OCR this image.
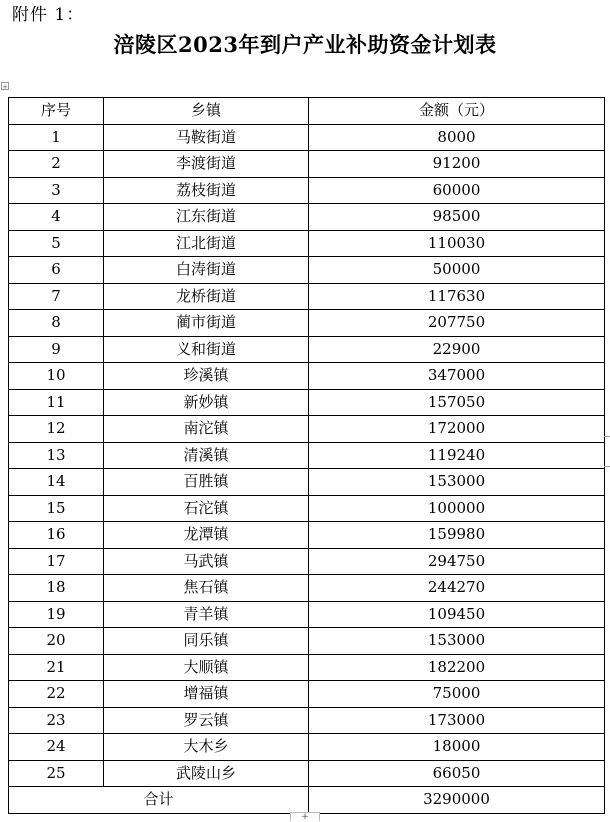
附件 1：
涪陵区2023年到户产业补助资金计划表
+
序号	乡镇	金额（元）
1	马鞍街道	8000
2	李渡街道	91200
3	荔枝街道	60000
4	江东街道	98500
5	江北街道	110030
6	白涛街道	50000
7	龙桥街道	117630
8	蔺市街道	207750
9	义和街道	22900
10	珍溪镇	347000
11	新妙镇	157050
12	南沱镇	172000
13	清溪镇	119240
14	百胜镇	153000
15	石沱镇	100000
16	龙潭镇	159980
17	马武镇	294750
18	焦石镇	244270
19	青羊镇	109450
20	同乐镇	153000
21	大顺镇	182200
22	增福镇	75000
23	罗云镇	173000
24	大木乡	18000
25	武陵山乡	66050
合计		3290000
+
